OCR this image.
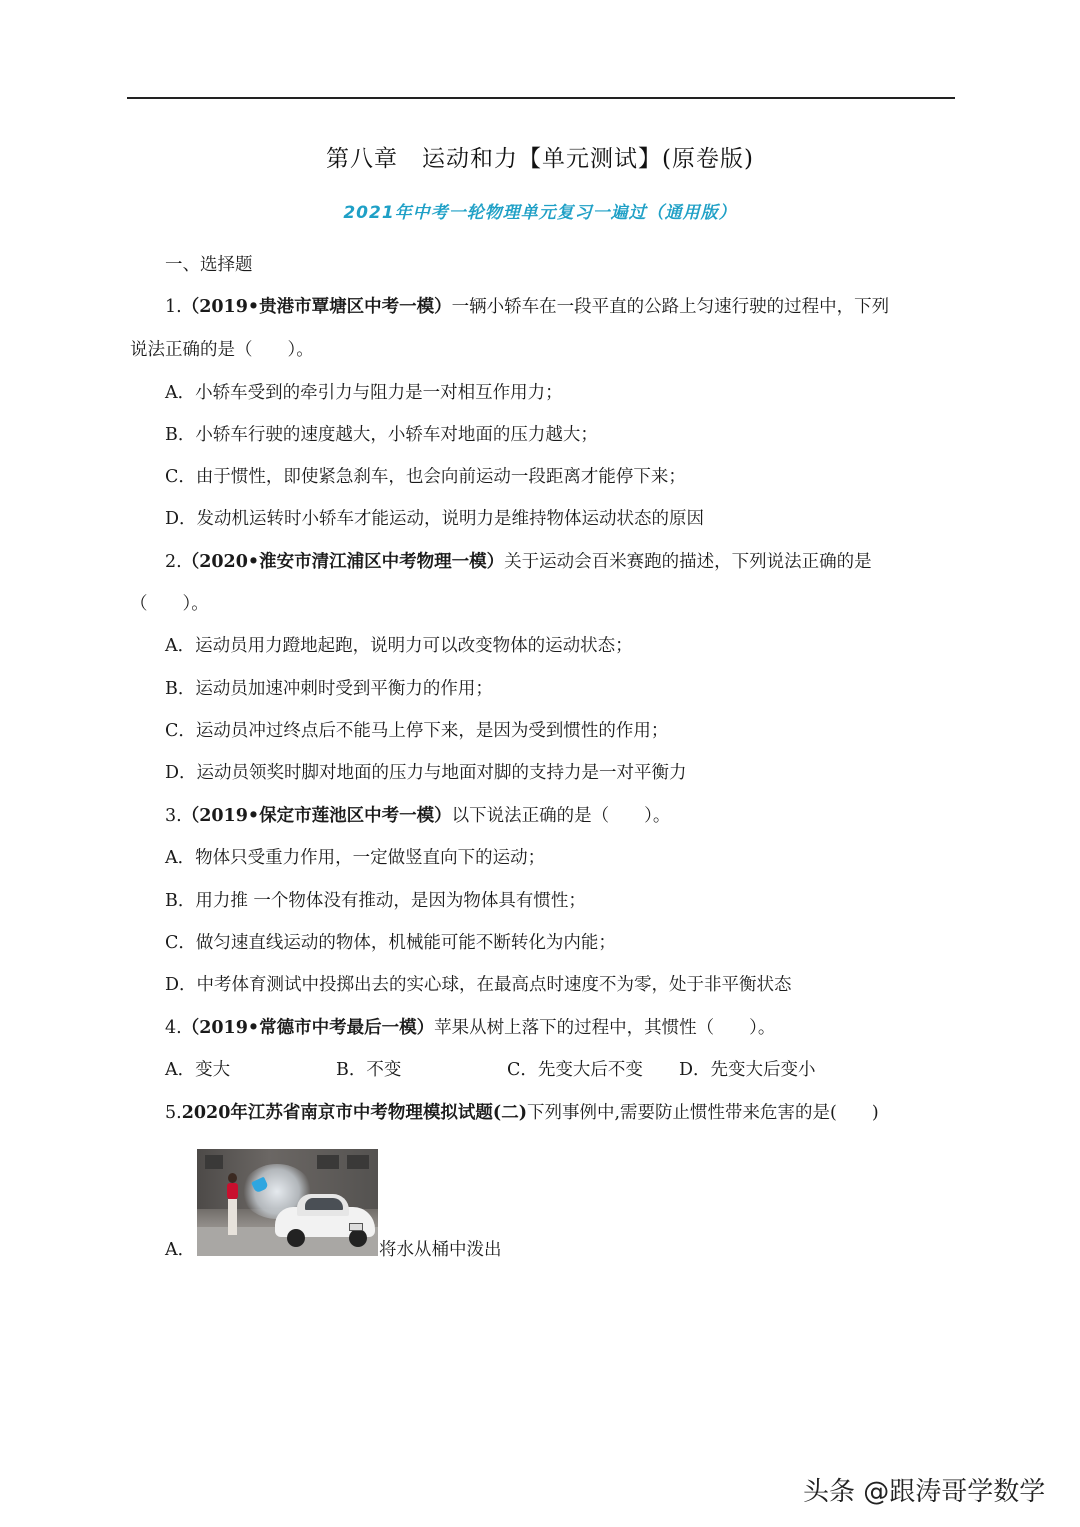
第八章　运动和力【单元测试】(原卷版)
2021年中考一轮物理单元复习一遍过（通用版）
一、选择题
1.（2019•贵港市覃塘区中考一模）一辆小轿车在一段平直的公路上匀速行驶的过程中，下列
说法正确的是（　　）。
A．小轿车受到的牵引力与阻力是一对相互作用力；
B．小轿车行驶的速度越大，小轿车对地面的压力越大；
C．由于惯性，即使紧急刹车，也会向前运动一段距离才能停下来；
D．发动机运转时小轿车才能运动，说明力是维持物体运动状态的原因
2.（2020•淮安市清江浦区中考物理一模）关于运动会百米赛跑的描述，下列说法正确的是
（　　）。
A．运动员用力蹬地起跑，说明力可以改变物体的运动状态；
B．运动员加速冲刺时受到平衡力的作用；
C．运动员冲过终点后不能马上停下来，是因为受到惯性的作用；
D．运动员领奖时脚对地面的压力与地面对脚的支持力是一对平衡力
3.（2019•保定市莲池区中考一模）以下说法正确的是（　　）。
A．物体只受重力作用，一定做竖直向下的运动；
B．用力推 一个物体没有推动，是因为物体具有惯性；
C．做匀速直线运动的物体，机械能可能不断转化为内能；
D．中考体育测试中投掷出去的实心球，在最高点时速度不为零，处于非平衡状态
4.（2019•常德市中考最后一模）苹果从树上落下的过程中，其惯性（　　）。
A．变大	B．不变	C．先变大后不变 D．先变大后变小
5.2020年江苏省南京市中考物理模拟试题(二)下列事例中,需要防止惯性带来危害的是(　　)
A．	将水从桶中泼出
头条 @跟涛哥学数学
